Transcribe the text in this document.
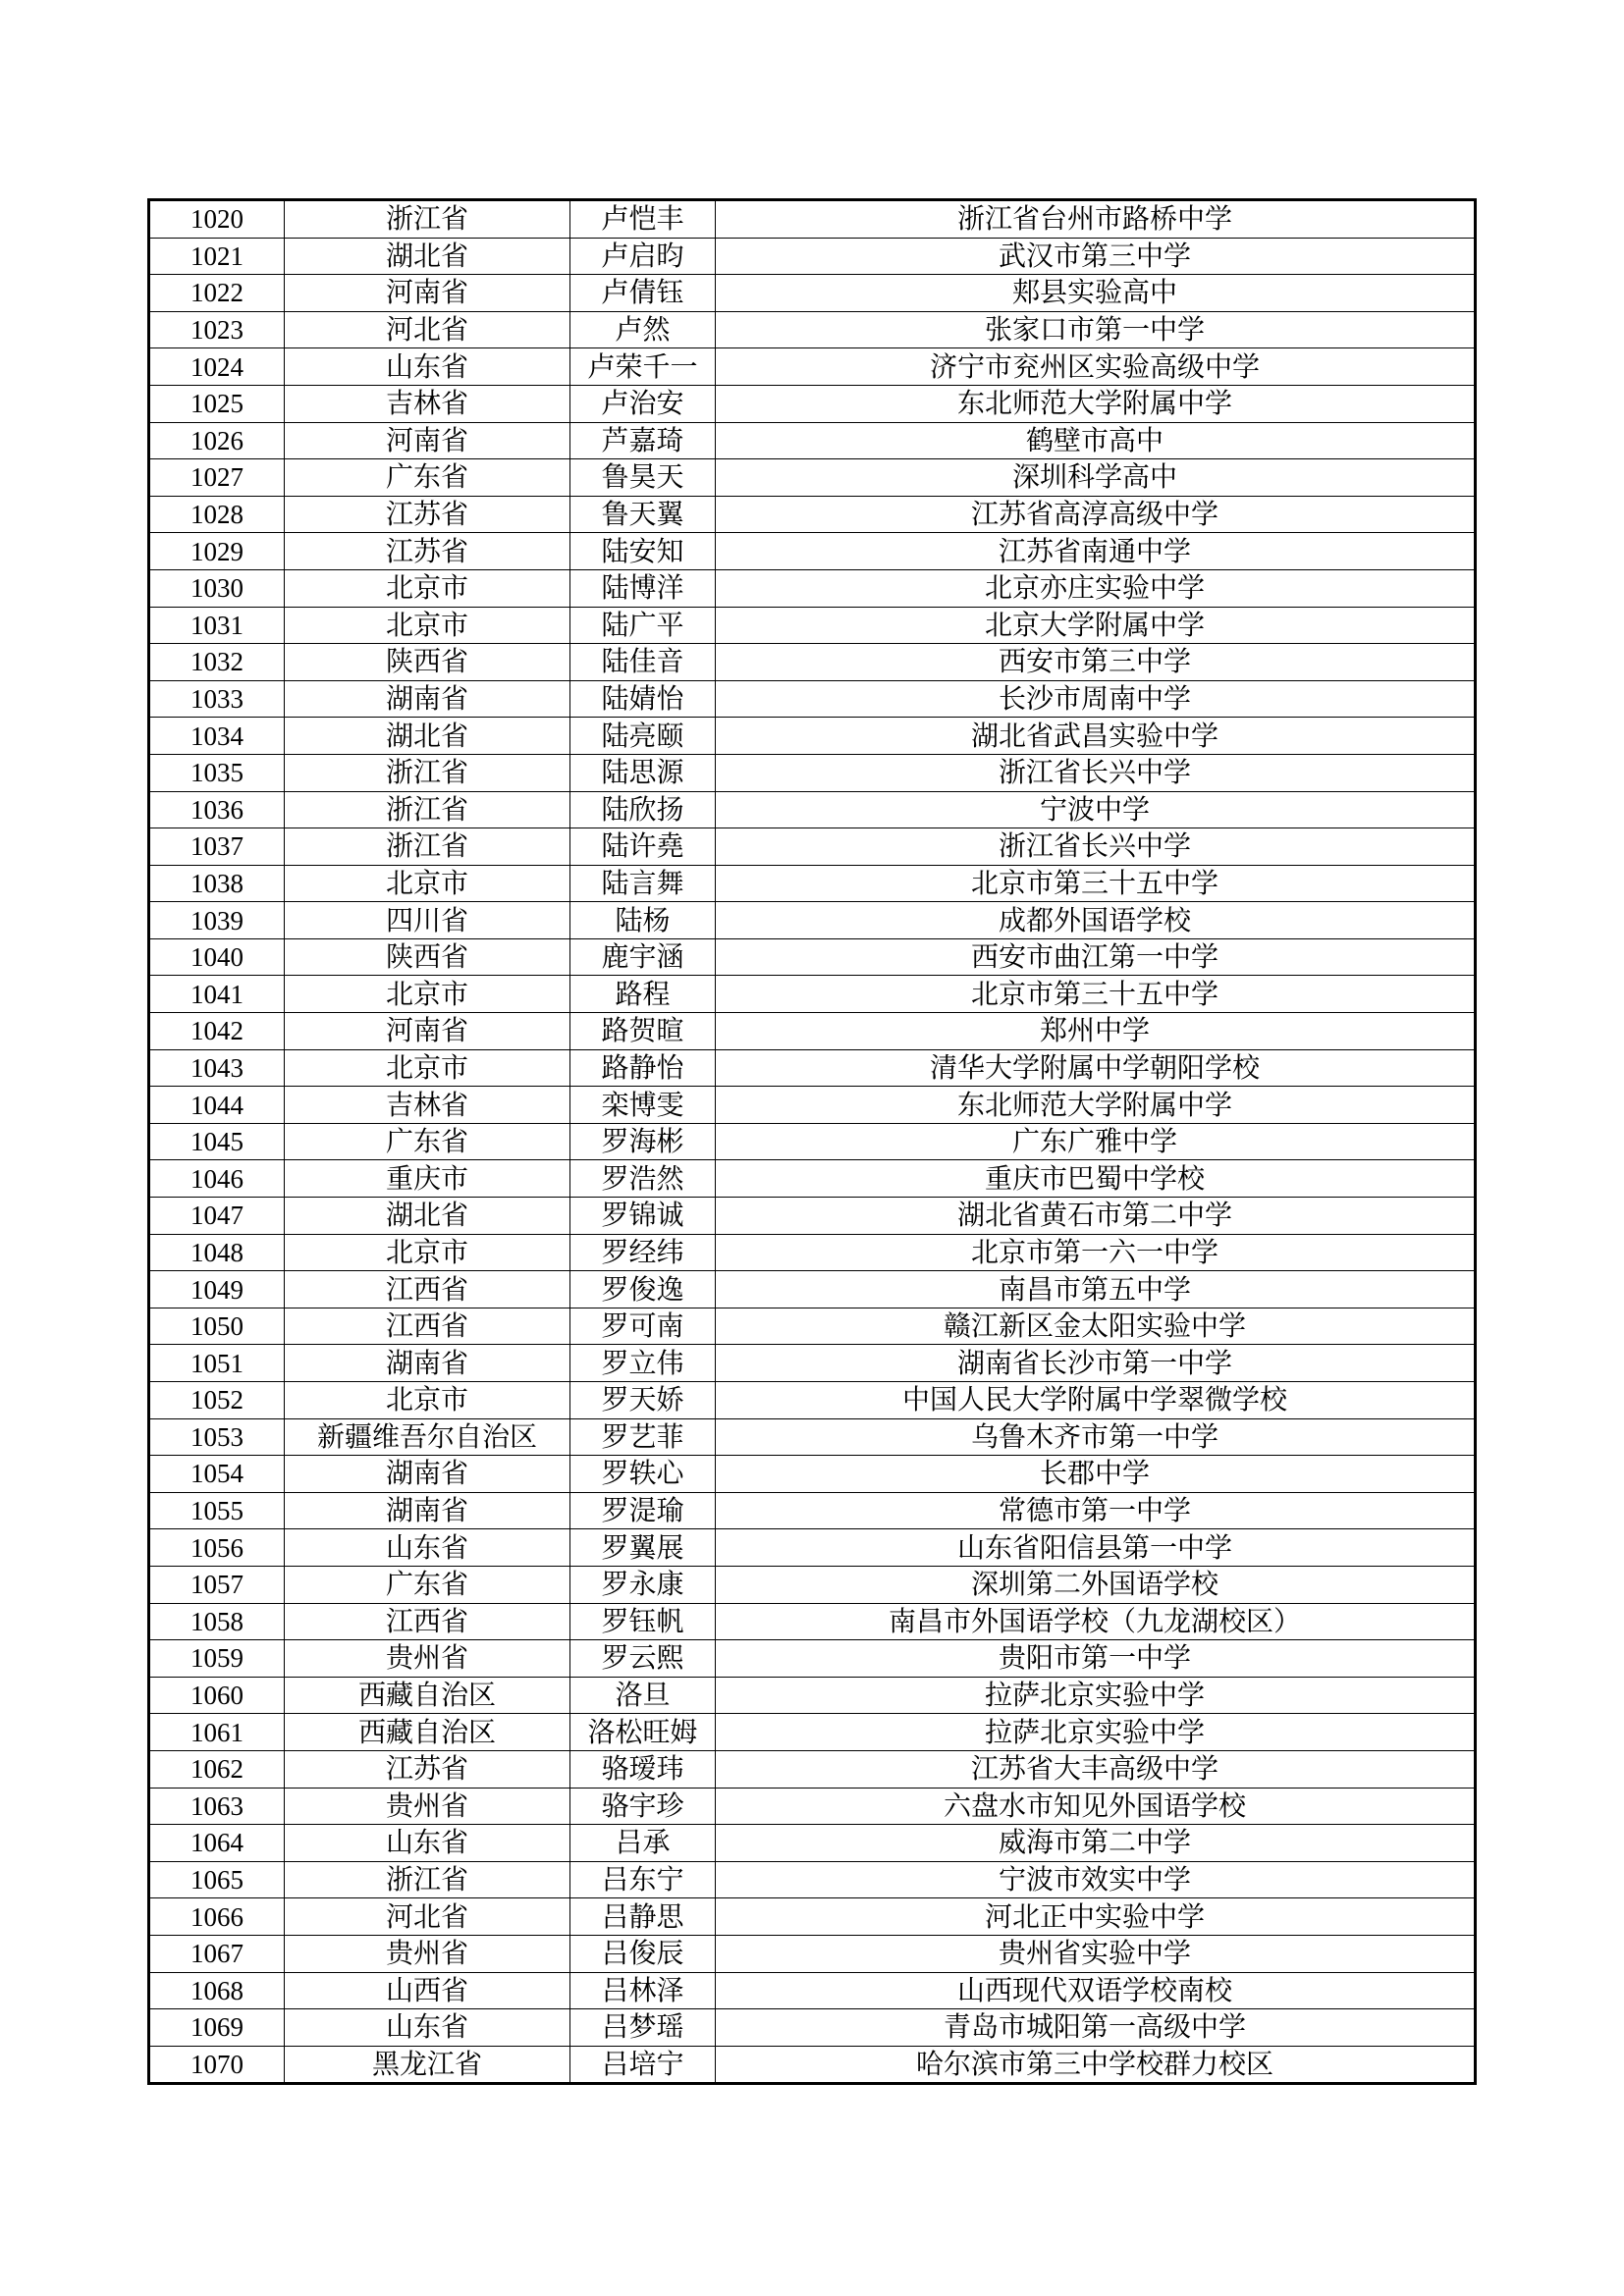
1020	浙江省	卢恺丰	浙江省台州市路桥中学
1021	湖北省	卢启昀	武汉市第三中学
1022	河南省	卢倩钰	郏县实验高中
1023	河北省	卢然	张家口市第一中学
1024	山东省	卢荣千一	济宁市兖州区实验高级中学
1025	吉林省	卢治安	东北师范大学附属中学
1026	河南省	芦嘉琦	鹤壁市高中
1027	广东省	鲁昊天	深圳科学高中
1028	江苏省	鲁天翼	江苏省高淳高级中学
1029	江苏省	陆安知	江苏省南通中学
1030	北京市	陆博洋	北京亦庄实验中学
1031	北京市	陆广平	北京大学附属中学
1032	陕西省	陆佳音	西安市第三中学
1033	湖南省	陆婧怡	长沙市周南中学
1034	湖北省	陆亮颐	湖北省武昌实验中学
1035	浙江省	陆思源	浙江省长兴中学
1036	浙江省	陆欣扬	宁波中学
1037	浙江省	陆许堯	浙江省长兴中学
1038	北京市	陆言舞	北京市第三十五中学
1039	四川省	陆杨	成都外国语学校
1040	陕西省	鹿宇涵	西安市曲江第一中学
1041	北京市	路程	北京市第三十五中学
1042	河南省	路贺暄	郑州中学
1043	北京市	路静怡	清华大学附属中学朝阳学校
1044	吉林省	栾博雯	东北师范大学附属中学
1045	广东省	罗海彬	广东广雅中学
1046	重庆市	罗浩然	重庆市巴蜀中学校
1047	湖北省	罗锦诚	湖北省黄石市第二中学
1048	北京市	罗经纬	北京市第一六一中学
1049	江西省	罗俊逸	南昌市第五中学
1050	江西省	罗可南	赣江新区金太阳实验中学
1051	湖南省	罗立伟	湖南省长沙市第一中学
1052	北京市	罗天娇	中国人民大学附属中学翠微学校
1053	新疆维吾尔自治区	罗艺菲	乌鲁木齐市第一中学
1054	湖南省	罗轶心	长郡中学
1055	湖南省	罗湜瑜	常德市第一中学
1056	山东省	罗翼展	山东省阳信县第一中学
1057	广东省	罗永康	深圳第二外国语学校
1058	江西省	罗钰帆	南昌市外国语学校（九龙湖校区）
1059	贵州省	罗云熙	贵阳市第一中学
1060	西藏自治区	洛旦	拉萨北京实验中学
1061	西藏自治区	洛松旺姆	拉萨北京实验中学
1062	江苏省	骆瑷玮	江苏省大丰高级中学
1063	贵州省	骆宇珍	六盘水市知见外国语学校
1064	山东省	吕承	威海市第二中学
1065	浙江省	吕东宁	宁波市效实中学
1066	河北省	吕静思	河北正中实验中学
1067	贵州省	吕俊辰	贵州省实验中学
1068	山西省	吕林泽	山西现代双语学校南校
1069	山东省	吕梦瑶	青岛市城阳第一高级中学
1070	黑龙江省	吕培宁	哈尔滨市第三中学校群力校区
